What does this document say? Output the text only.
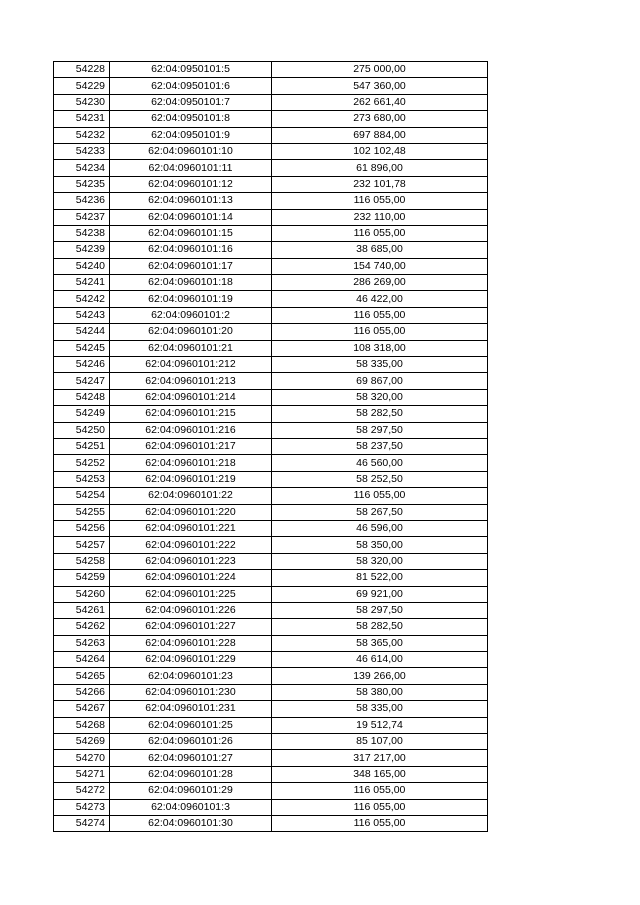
54228	62:04:0950101:5	275 000,00
54229	62:04:0950101:6	547 360,00
54230	62:04:0950101:7	262 661,40
54231	62:04:0950101:8	273 680,00
54232	62:04:0950101:9	697 884,00
54233	62:04:0960101:10	102 102,48
54234	62:04:0960101:11	61 896,00
54235	62:04:0960101:12	232 101,78
54236	62:04:0960101:13	116 055,00
54237	62:04:0960101:14	232 110,00
54238	62:04:0960101:15	116 055,00
54239	62:04:0960101:16	38 685,00
54240	62:04:0960101:17	154 740,00
54241	62:04:0960101:18	286 269,00
54242	62:04:0960101:19	46 422,00
54243	62:04:0960101:2	116 055,00
54244	62:04:0960101:20	116 055,00
54245	62:04:0960101:21	108 318,00
54246	62:04:0960101:212	58 335,00
54247	62:04:0960101:213	69 867,00
54248	62:04:0960101:214	58 320,00
54249	62:04:0960101:215	58 282,50
54250	62:04:0960101:216	58 297,50
54251	62:04:0960101:217	58 237,50
54252	62:04:0960101:218	46 560,00
54253	62:04:0960101:219	58 252,50
54254	62:04:0960101:22	116 055,00
54255	62:04:0960101:220	58 267,50
54256	62:04:0960101:221	46 596,00
54257	62:04:0960101:222	58 350,00
54258	62:04:0960101:223	58 320,00
54259	62:04:0960101:224	81 522,00
54260	62:04:0960101:225	69 921,00
54261	62:04:0960101:226	58 297,50
54262	62:04:0960101:227	58 282,50
54263	62:04:0960101:228	58 365,00
54264	62:04:0960101:229	46 614,00
54265	62:04:0960101:23	139 266,00
54266	62:04:0960101:230	58 380,00
54267	62:04:0960101:231	58 335,00
54268	62:04:0960101:25	19 512,74
54269	62:04:0960101:26	85 107,00
54270	62:04:0960101:27	317 217,00
54271	62:04:0960101:28	348 165,00
54272	62:04:0960101:29	116 055,00
54273	62:04:0960101:3	116 055,00
54274	62:04:0960101:30	116 055,00
